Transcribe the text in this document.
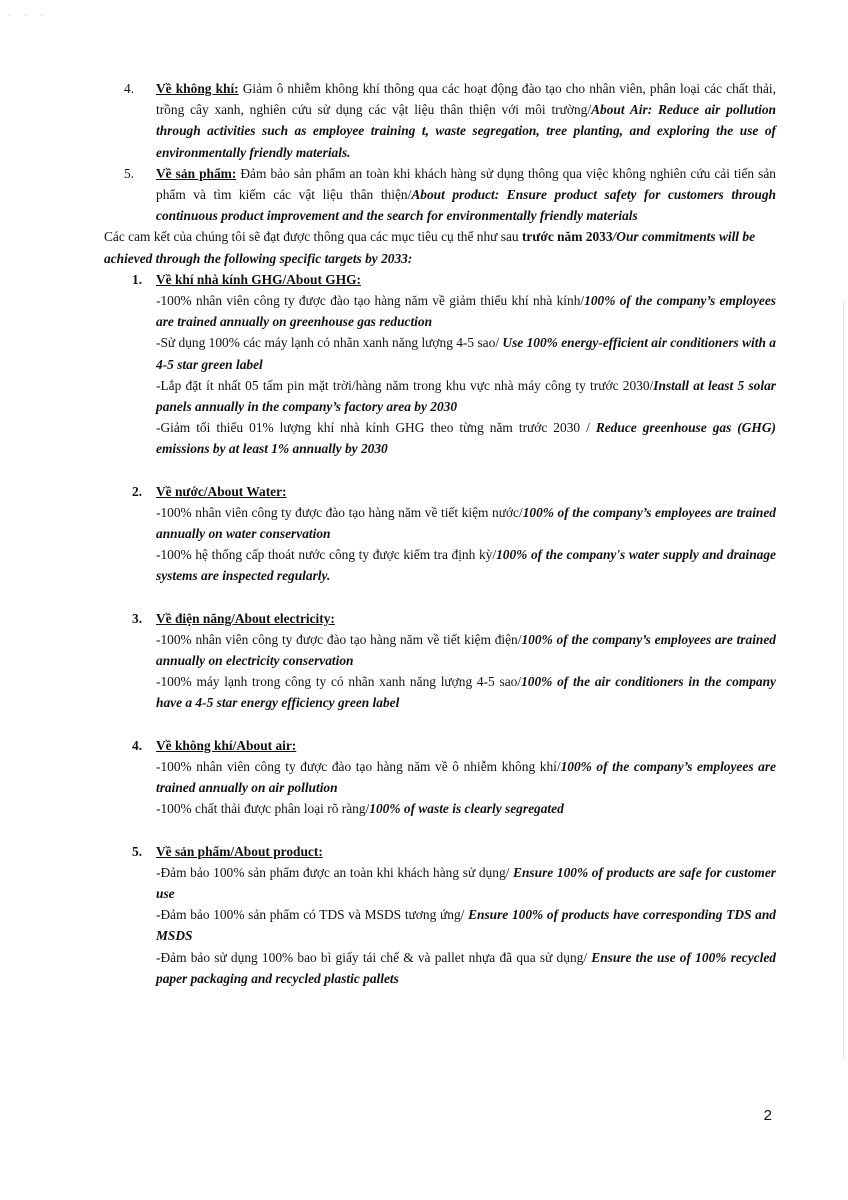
· · ·
4.	Về không khí: Giảm ô nhiễm không khí thông qua các hoạt động đào tạo cho nhân viên, phân loại các chất thải, trồng cây xanh, nghiên cứu sử dụng các vật liệu thân thiện với môi trường/About Air: Reduce air pollution through activities such as employee training t, waste segregation, tree planting, and exploring the use of environmentally friendly materials.
5.	Về sản phẩm: Đảm bảo sản phẩm an toàn khi khách hàng sử dụng thông qua việc không nghiên cứu cải tiến sản phẩm và tìm kiếm các vật liệu thân thiện/About product: Ensure product safety for customers through continuous product improvement and the search for environmentally friendly materials
Các cam kết của chúng tôi sẽ đạt được thông qua các mục tiêu cụ thể như sau trước năm 2033/Our commitments will be achieved through the following specific targets by 2033:
1.	Về khí nhà kính GHG/About GHG:
-100% nhân viên công ty được đào tạo hàng năm về giảm thiểu khí nhà kính/100% of the company’s employees are trained annually on greenhouse gas reduction
-Sử dụng 100% các máy lạnh có nhãn xanh năng lượng 4-5 sao/ Use 100% energy-efficient air conditioners with a 4-5 star green label
-Lắp đặt ít nhất 05 tấm pin mặt trời/hàng năm trong khu vực nhà máy công ty trước 2030/Install at least 5 solar panels annually in the company’s factory area by 2030
-Giảm tối thiểu 01% lượng khí nhà kính GHG theo từng năm trước 2030 / Reduce greenhouse gas (GHG) emissions by at least 1% annually by 2030
2.	Về nước/About Water:
-100% nhân viên công ty được đào tạo hàng năm về tiết kiệm nước/100% of the company’s employees are trained annually on water conservation
-100% hệ thống cấp thoát nước công ty được kiểm tra định kỳ/100% of the company's water supply and drainage systems are inspected regularly.
3.	Về điện năng/About electricity:
-100% nhân viên công ty được đào tạo hàng năm về tiết kiệm điện/100% of the company’s employees are trained annually on electricity conservation
-100% máy lạnh trong công ty có nhãn xanh năng lượng 4-5 sao/100% of the air conditioners in the company have a 4-5 star energy efficiency green label
4.	Về không khí/About air:
-100% nhân viên công ty được đào tạo hàng năm về ô nhiễm không khí/100% of the company’s employees are trained annually on air pollution
-100% chất thải được phân loại rõ ràng/100% of waste is clearly segregated
5.	Về sản phẩm/About product:
-Đảm bảo 100% sản phẩm được an toàn khi khách hàng sử dụng/ Ensure 100% of products are safe for customer use
-Đảm bảo 100% sản phẩm có TDS và MSDS tương ứng/ Ensure 100% of products have corresponding TDS and MSDS
-Đảm bảo sử dụng 100% bao bì giấy tái chế & và pallet nhựa đã qua sử dụng/ Ensure the use of 100% recycled paper packaging and recycled plastic pallets
2
